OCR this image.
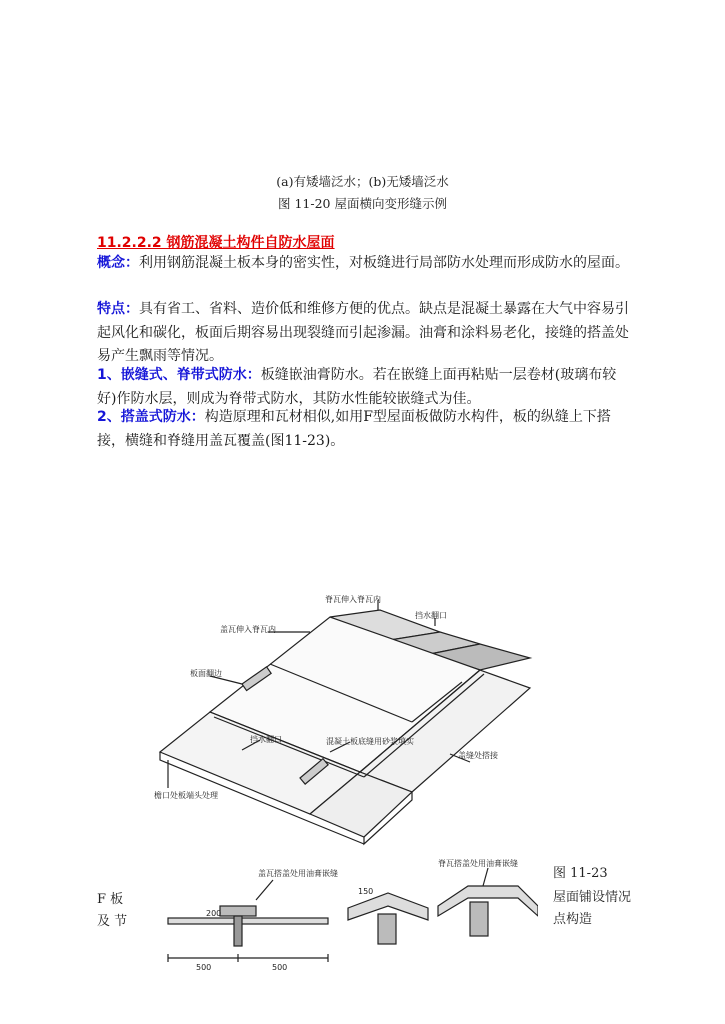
(a)有矮墙泛水；(b)无矮墙泛水
图 11-20 屋面横向变形缝示例
11.2.2.2 钢筋混凝土构件自防水屋面
概念：利用钢筋混凝土板本身的密实性，对板缝进行局部防水处理而形成防水的屋面。
特点：具有省工、省料、造价低和维修方便的优点。缺点是混凝土暴露在大气中容易引起风化和碳化，板面后期容易出现裂缝而引起渗漏。油膏和涂料易老化，接缝的搭盖处易产生飘雨等情况。
1、嵌缝式、脊带式防水：板缝嵌油膏防水。若在嵌缝上面再粘贴一层卷材(玻璃布较好)作防水层，则成为脊带式防水，其防水性能较嵌缝式为佳。
2、搭盖式防水：构造原理和瓦材相似,如用F型屋面板做防水构件，板的纵缝上下搭接，横缝和脊缝用盖瓦覆盖(图11-23)。
脊瓦伸入脊瓦内
盖瓦伸入脊瓦内
挡水翻口
板面翻边
混凝土板底缝用砂浆填实
挡水翻口
盖缝处搭接
檐口处板端头处理
盖瓦搭盖处用油膏嵌缝
脊瓦搭盖处用油膏嵌缝
200
150
500	500
F 板
及 节
图 11-23
屋面铺设情况
点构造
